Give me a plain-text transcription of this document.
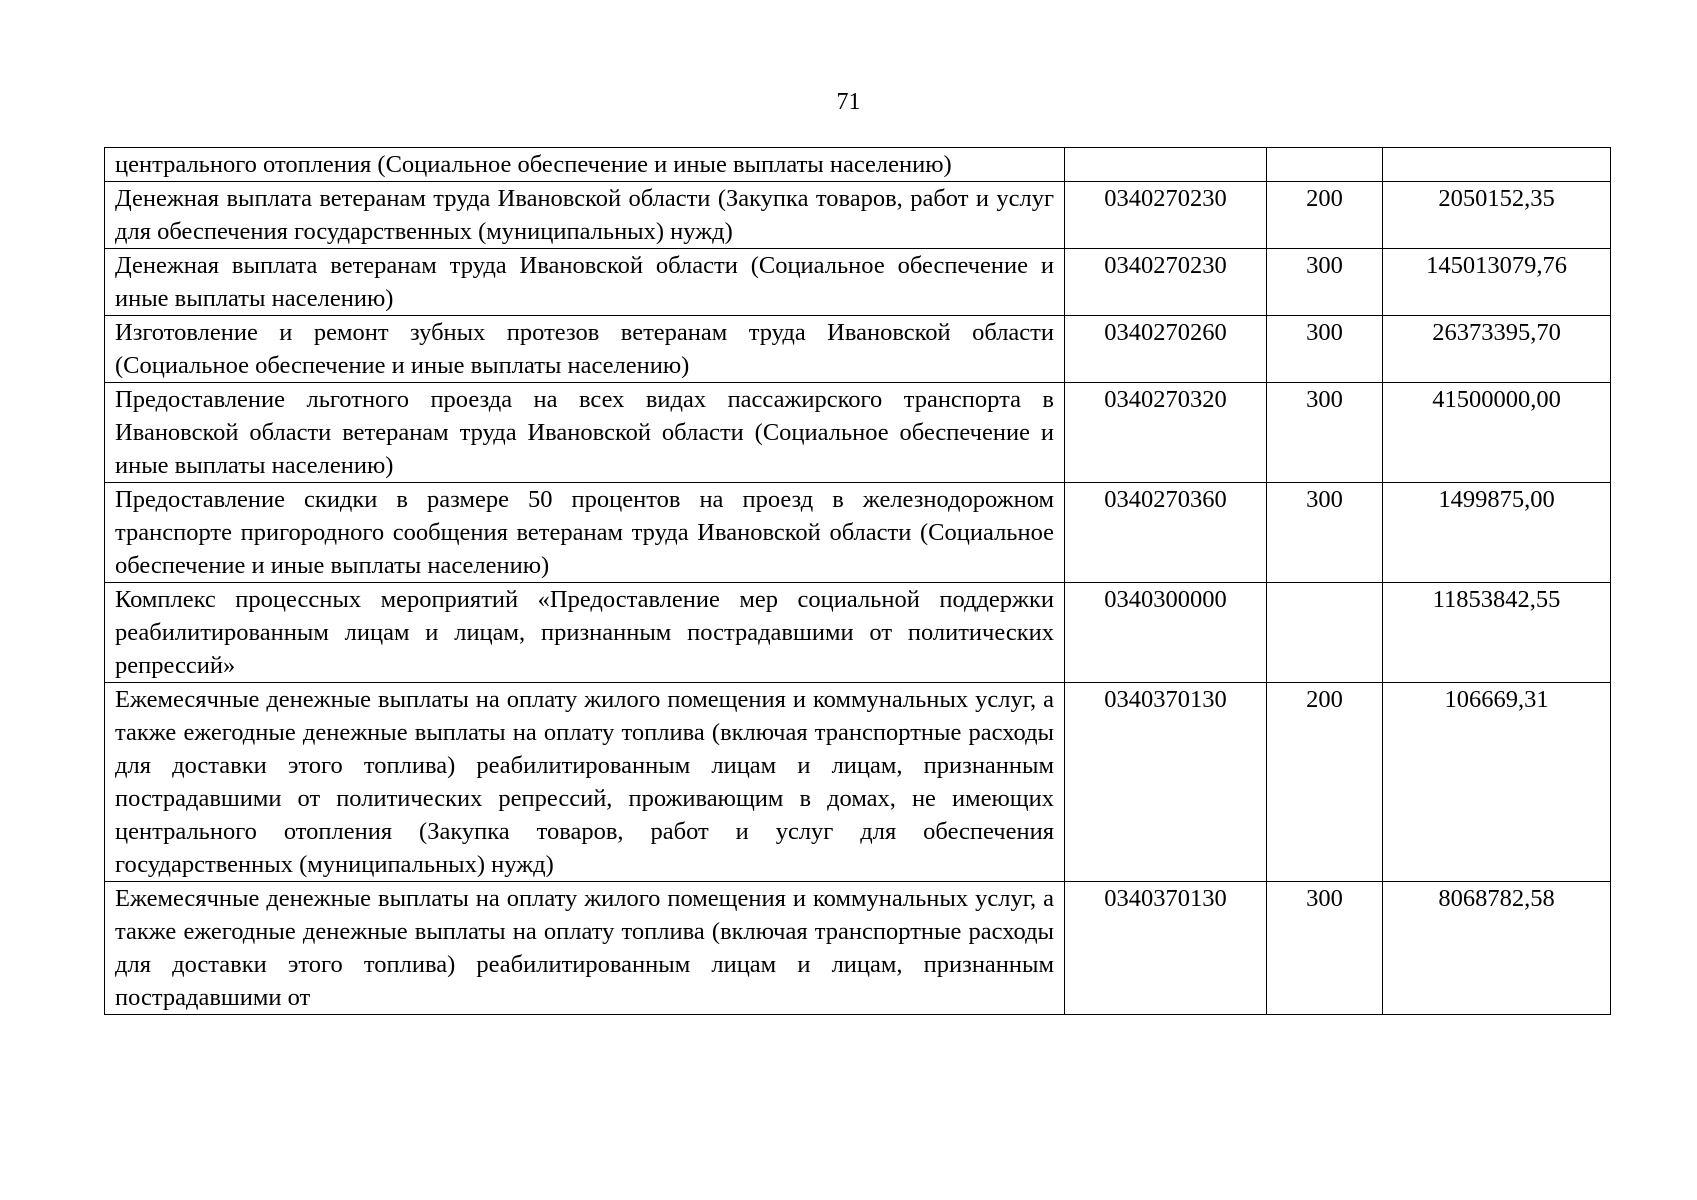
71
центрального отопления (Социальное обеспечение и иные выплаты населению)			
Денежная выплата ветеранам труда Ивановской области (Закупка товаров, работ и услуг для обеспечения государственных (муниципальных) нужд)	0340270230	200	2050152,35
Денежная выплата ветеранам труда Ивановской области (Социальное обеспечение и иные выплаты населению)	0340270230	300	145013079,76
Изготовление и ремонт зубных протезов ветеранам труда Ивановской области (Социальное обеспечение и иные выплаты населению)	0340270260	300	26373395,70
Предоставление льготного проезда на всех видах пассажирского транспорта в Ивановской области ветеранам труда Ивановской области (Социальное обеспечение и иные выплаты населению)	0340270320	300	41500000,00
Предоставление скидки в размере 50 процентов на проезд в железнодорожном транспорте пригородного сообщения ветеранам труда Ивановской области (Социальное обеспечение и иные выплаты населению)	0340270360	300	1499875,00
Комплекс процессных мероприятий «Предоставление мер социальной поддержки реабилитированным лицам и лицам, признанным пострадавшими от политических репрессий»	0340300000		11853842,55
Ежемесячные денежные выплаты на оплату жилого помещения и коммунальных услуг, а также ежегодные денежные выплаты на оплату топлива (включая транспортные расходы для доставки этого топлива) реабилитированным лицам и лицам, признанным пострадавшими от политических репрессий, проживающим в домах, не имеющих центрального отопления (Закупка товаров, работ и услуг для обеспечения государственных (муниципальных) нужд)	0340370130	200	106669,31
Ежемесячные денежные выплаты на оплату жилого помещения и коммунальных услуг, а также ежегодные денежные выплаты на оплату топлива (включая транспортные расходы для доставки этого топлива) реабилитированным лицам и лицам, признанным пострадавшими от	0340370130	300	8068782,58
